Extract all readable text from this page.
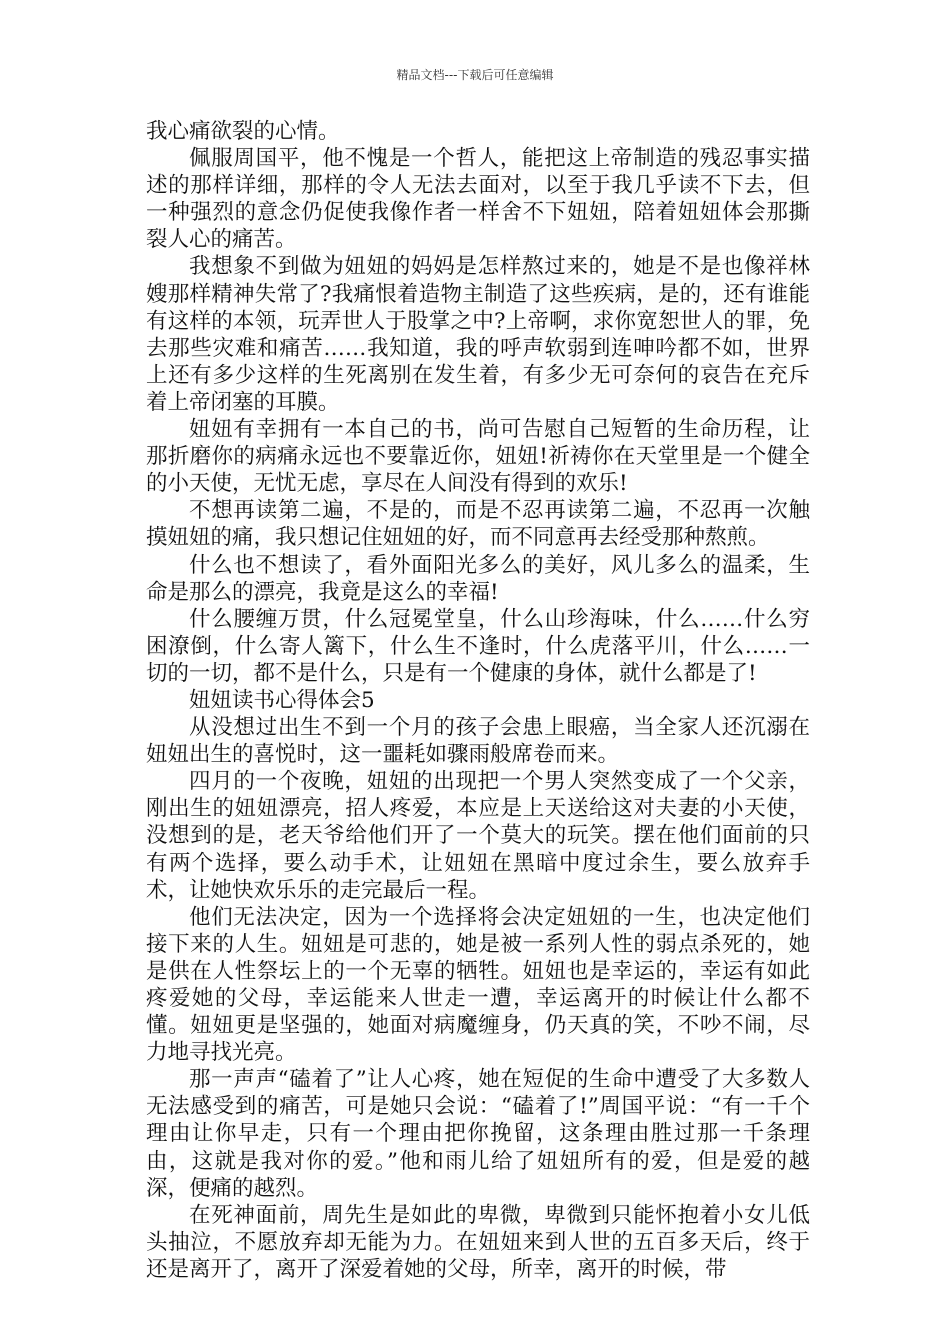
精品文档---下载后可任意编辑

我心痛欲裂的心情。

佩服周国平，他不愧是一个哲人，能把这上帝制造的残忍事实描述的那样详细，那样的令人无法去面对，以至于我几乎读不下去，但一种强烈的意念仍促使我像作者一样舍不下妞妞，陪着妞妞体会那撕裂人心的痛苦。

我想象不到做为妞妞的妈妈是怎样熬过来的，她是不是也像祥林嫂那样精神失常了?我痛恨着造物主制造了这些疾病，是的，还有谁能有这样的本领，玩弄世人于股掌之中?上帝啊，求你宽恕世人的罪，免去那些灾难和痛苦……我知道，我的呼声软弱到连呻吟都不如，世界上还有多少这样的生死离别在发生着，有多少无可奈何的哀告在充斥着上帝闭塞的耳膜。

妞妞有幸拥有一本自己的书，尚可告慰自己短暂的生命历程，让那折磨你的病痛永远也不要靠近你，妞妞!祈祷你在天堂里是一个健全的小天使，无忧无虑，享尽在人间没有得到的欢乐!

不想再读第二遍，不是的，而是不忍再读第二遍，不忍再一次触摸妞妞的痛，我只想记住妞妞的好，而不同意再去经受那种熬煎。

什么也不想读了，看外面阳光多么的美好，风儿多么的温柔，生命是那么的漂亮，我竟是这么的幸福!

什么腰缠万贯，什么冠冕堂皇，什么山珍海味，什么……什么穷困潦倒，什么寄人篱下，什么生不逢时，什么虎落平川，什么……一切的一切，都不是什么，只是有一个健康的身体，就什么都是了!

妞妞读书心得体会5

从没想过出生不到一个月的孩子会患上眼癌，当全家人还沉溺在妞妞出生的喜悦时，这一噩耗如骤雨般席卷而来。

四月的一个夜晚，妞妞的出现把一个男人突然变成了一个父亲，刚出生的妞妞漂亮，招人疼爱，本应是上天送给这对夫妻的小天使，没想到的是，老天爷给他们开了一个莫大的玩笑。摆在他们面前的只有两个选择，要么动手术，让妞妞在黑暗中度过余生，要么放弃手术，让她快欢乐乐的走完最后一程。

他们无法决定，因为一个选择将会决定妞妞的一生，也决定他们接下来的人生。妞妞是可悲的，她是被一系列人性的弱点杀死的，她是供在人性祭坛上的一个无辜的牺牲。妞妞也是幸运的，幸运有如此疼爱她的父母，幸运能来人世走一遭，幸运离开的时候让什么都不懂。妞妞更是坚强的，她面对病魔缠身，仍天真的笑，不吵不闹，尽力地寻找光亮。

那一声声“磕着了”让人心疼，她在短促的生命中遭受了大多数人无法感受到的痛苦，可是她只会说：“磕着了!”周国平说：“有一千个理由让你早走，只有一个理由把你挽留，这条理由胜过那一千条理由，这就是我对你的爱。”他和雨儿给了妞妞所有的爱，但是爱的越深，便痛的越烈。

在死神面前，周先生是如此的卑微，卑微到只能怀抱着小女儿低头抽泣，不愿放弃却无能为力。在妞妞来到人世的五百多天后，终于还是离开了，离开了深爱着她的父母，所幸，离开的时候，带
